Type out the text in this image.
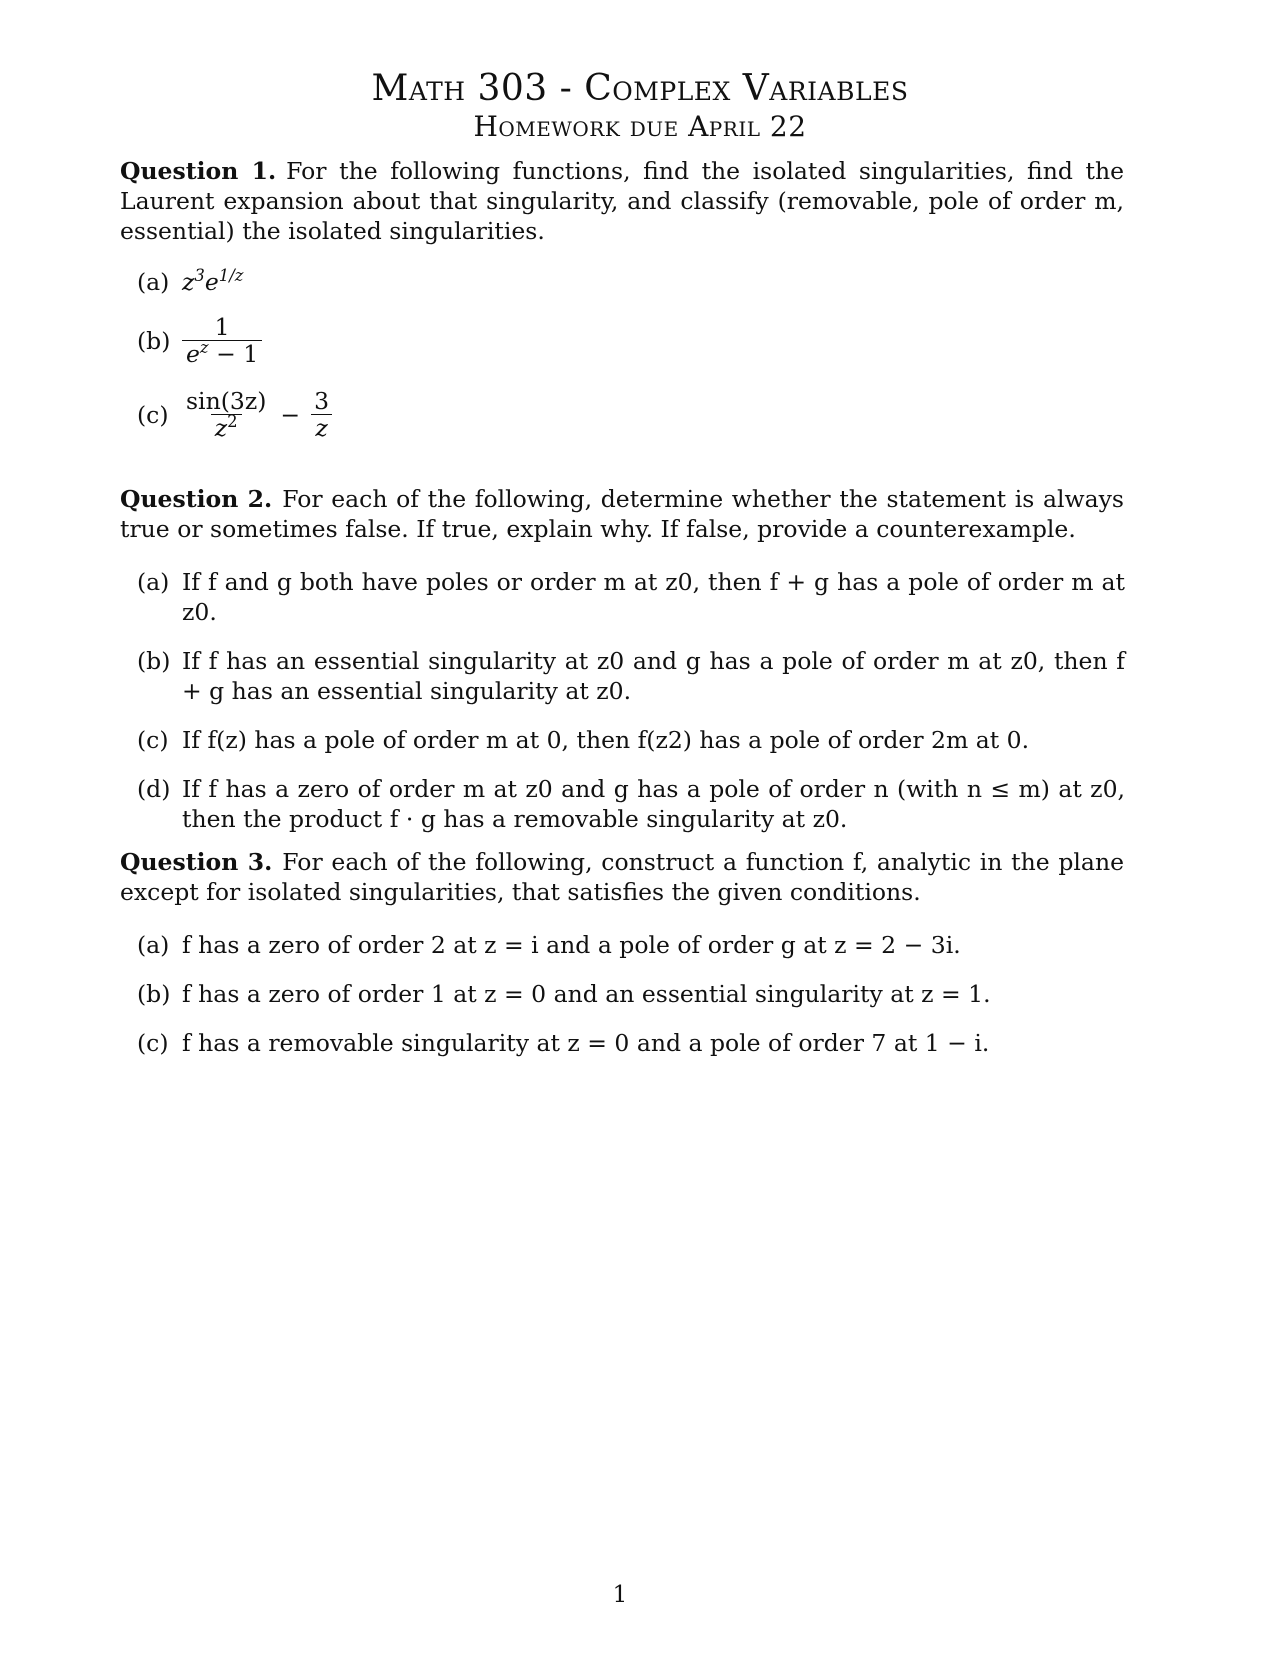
Math 303 - Complex Variables
Homework due April 22
Question 1. For the following functions, find the isolated singularities, find the Laurent expansion about that singularity, and classify (removable, pole of order m, essential) the isolated singularities.
(a) $z^3e^{1/z}$
$(b) \frac{1}{e^z - 1}$
$(c) \frac{\sin(3z)}{z^2} - \frac{3}{z}$
Question 2. For each of the following, determine whether the statement is always true or sometimes false. If true, explain why. If false, provide a counterexample.
(a) If f and g both have poles or order m at z0, then f + g has a pole of order m at z0.
(b) If f has an essential singularity at z0 and g has a pole of order m at z0, then f + g has an essential singularity at z0.
(c) If f(z) has a pole of order m at 0, then f(z2) has a pole of order 2m at 0.
(d) If f has a zero of order m at z0 and g has a pole of order n (with n ≤ m) at z0, then the product f · g has a removable singularity at z0.
Question 3. For each of the following, construct a function f, analytic in the plane except for isolated singularities, that satisfies the given conditions.
(a) f has a zero of order 2 at z = i and a pole of order g at z = 2 − 3i.
(b) f has a zero of order 1 at z = 0 and an essential singularity at z = 1.
(c) f has a removable singularity at z = 0 and a pole of order 7 at 1 − i.
1
